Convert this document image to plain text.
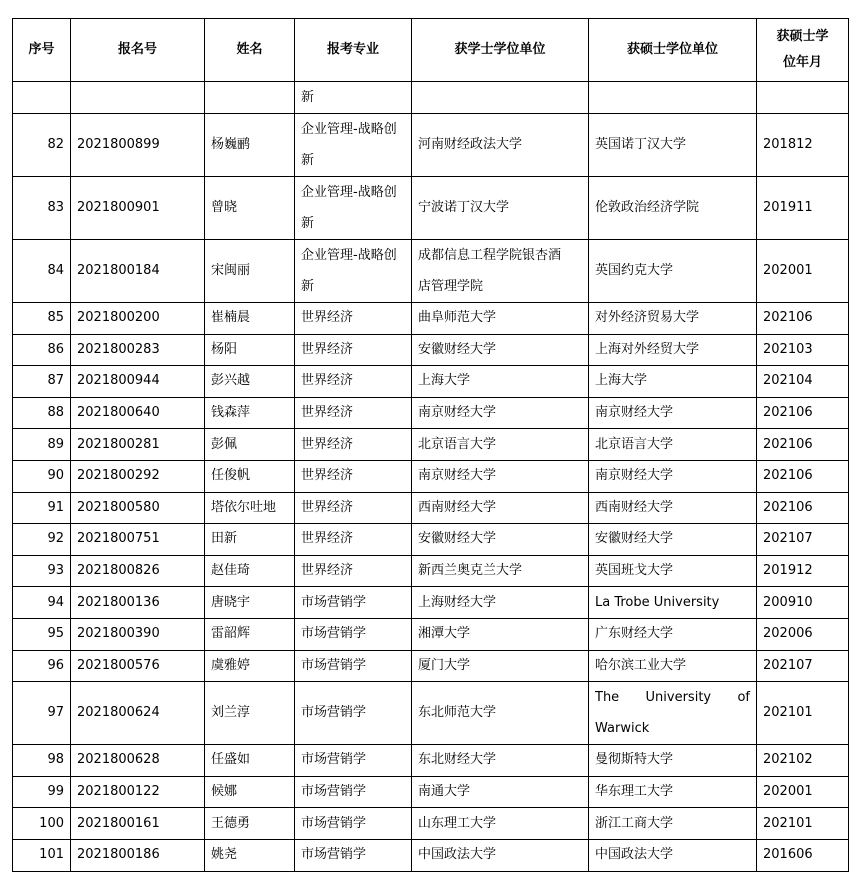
序号	报名号	姓名	报考专业	获学士学位单位	获硕士学位单位	获硕士学
位年月

			新			
82	2021800899	杨巍鹂	企业管理-战略创
新	河南财经政法大学	英国诺丁汉大学	201812
83	2021800901	曾晓	企业管理-战略创
新	宁波诺丁汉大学	伦敦政治经济学院	201911
84	2021800184	宋闽丽	企业管理-战略创
新	成都信息工程学院银杏酒
店管理学院	英国约克大学	202001
85	2021800200	崔楠晨	世界经济	曲阜师范大学	对外经济贸易大学	202106
86	2021800283	杨阳	世界经济	安徽财经大学	上海对外经贸大学	202103
87	2021800944	彭兴越	世界经济	上海大学	上海大学	202104
88	2021800640	钱森萍	世界经济	南京财经大学	南京财经大学	202106
89	2021800281	彭佩	世界经济	北京语言大学	北京语言大学	202106
90	2021800292	任俊帆	世界经济	南京财经大学	南京财经大学	202106
91	2021800580	塔依尔吐地	世界经济	西南财经大学	西南财经大学	202106
92	2021800751	田新	世界经济	安徽财经大学	安徽财经大学	202107
93	2021800826	赵佳琦	世界经济	新西兰奥克兰大学	英国班戈大学	201912
94	2021800136	唐晓宇	市场营销学	上海财经大学	La Trobe University	200910
95	2021800390	雷韶辉	市场营销学	湘潭大学	广东财经大学	202006
96	2021800576	虞雅婷	市场营销学	厦门大学	哈尔滨工业大学	202107
97	2021800624	刘兰淳	市场营销学	东北师范大学	The University of
Warwick	202101
98	2021800628	任盛如	市场营销学	东北财经大学	曼彻斯特大学	202102
99	2021800122	候娜	市场营销学	南通大学	华东理工大学	202001
100	2021800161	王德勇	市场营销学	山东理工大学	浙江工商大学	202101
101	2021800186	姚尧	市场营销学	中国政法大学	中国政法大学	201606
